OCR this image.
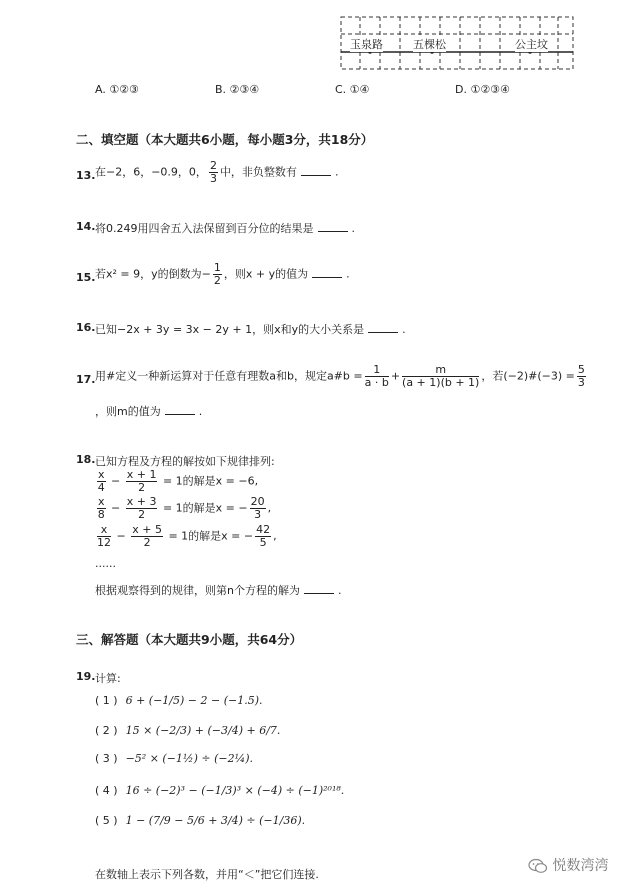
玉泉路	五棵松	公主坟
A. ①②③	B. ②③④	C. ①④	D. ①②③④
二、填空题（本大题共6小题，每小题3分，共18分）
13. 在−2，6，−0.9，0， $\frac{2}{3}$ 中，非负整数有	.
14. 将0.249用四舍五入法保留到百分位的结果是	.
15. 若x² = 9，y的倒数为− $\frac{1}{2}$ ，则x + y的值为	.
16. 已知−2x + 3y = 3x − 2y + 1，则x和y的大小关系是	.
17. 用#定义一种新运算对于任意有理数a和b，规定a#b = $\frac{1}{a \cdot b} + \frac{m}{(a + 1)(b + 1)}$ ，若(−2)#(−3) = $\frac{5}{3}$
，则m的值为	.
18. 已知方程及方程的解按如下规律排列:
$\frac{x}{4} - \frac{x + 1}{2} = 1$的解是x = −6,
$\frac{x}{8} - \frac{x + 3}{2} = 1$的解是x = − $\frac{20}{3}$ ,
$\frac{x}{12} - \frac{x + 5}{2} = 1$的解是x = − $\frac{42}{5}$ ,
......
根据观察得到的规律，则第n个方程的解为	.
三、解答题（本大题共9小题，共64分）
19. 计算:
( 1 ) 6 + (−1/5) − 2 − (−1.5).
( 2 ) 15 × (−2/3) + (−3/4) + 6/7.
( 3 ) −5² × (−1½) ÷ (−2¼).
( 4 ) 16 ÷ (−2)³ − (−1/3)³ × (−4) ÷ (−1)²⁰¹⁸.
( 5 ) 1 − (7/9 − 5/6 + 3/4) ÷ (−1/36).
在数轴上表示下列各数，并用“＜”把它们连接.
悦数湾湾
